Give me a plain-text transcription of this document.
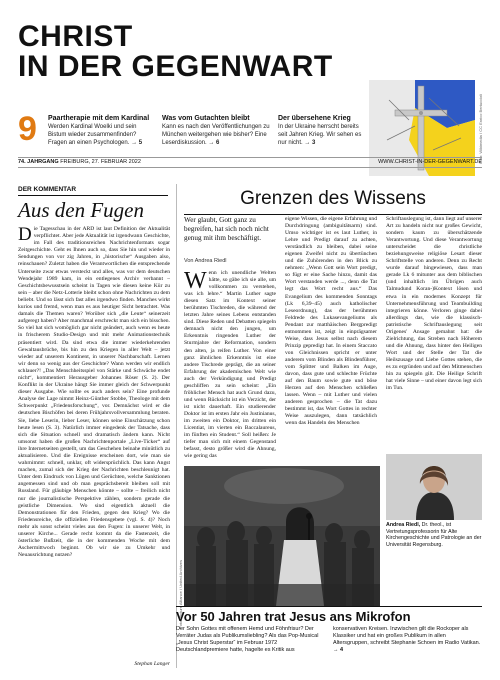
CHRIST
IN DER GEGENWART
Foto: Wikimedia / CC Enrico Bertuccioli
9 Paartherapie mit dem Kardinal
Werden Kardinal Woelki und sein Bistum wieder zusammenfinden? Fragen an einen Psychologen. → 5
Was vom Gutachten bleibt
Kann es nach den Veröffentlichungen zu München weitergehen wie bisher? Eine Leserdiskussion. → 6
Der übersehene Krieg
In der Ukraine herrscht bereits seit Jahren Krieg. Wir sehen es nur nicht. → 3
74. JAHRGANG FREIBURG, 27. FEBRUAR 2022	WWW.CHRIST-IN-DER-GEGENWART.DE
DER KOMMENTAR
Aus den Fugen
D ie Tagesschau in der ARD ist laut Definition der Aktualität verpflichtet. Aber jede Aktualität ist irgendwann Geschichte, im Fall des traditionsreichen Nachrichtenformats sogar Zeitgeschichte. Geht es Ihnen auch so, dass Sie hin und wieder in Sendungen von vor zig Jahren, in „historische“ Ausgaben also, reinschauen? Zuletzt haben die Verantwortlichen die entsprechende Unterseite zwar etwas versteckt und alles, was vor dem deutschen Wendejahr 1989 kam, in ein entlegenes Archiv verbannt – Geschichtsbewusstsein scheint in Tagen wie diesen keine Kür zu sein – aber die Netz-Lotterie bleibt schon ohne Nachrichten zu dem beliebt. Und so lässt sich fast alles irgendwo finden. Manches wirkt kurios und fremd, wenn man es aus heutiger Sicht betrachtet. Was damals die Themen waren? Worüber sich „die Leute“ seinerzeit aufgeregt haben? Aber manchmal erschreckt man sich ein bisschen. So viel hat sich womöglich gar nicht geändert, auch wenn es heute in frischerem Studio-Design und mit mehr Animationstechnik präsentiert wird. Da sind etwa die immer wiederkehrenden Gewaltausbrüche, bis hin zu den Kriegen in aller Welt – jetzt wieder auf unserem Kontinent, in unserer Nachbarschaft. Lernen wir denn so wenig aus der Geschichte? Wann werden wir endlich schlauer?! „Das Menschheitsspiel von Stärke und Schwäche endet nicht“, kommentiert Herausgeber Johannes Röser (S. 2). Der Konflikt in der Ukraine hängt Sie immer gleich der Schwerpunkt dieser Ausgabe. Wie sollte es auch anders sein? Eine profunde Analyse der Lage nimmt Heinz-Günther Stobbe, Theologe mit dem Schwerpunkt „Friedensforschung“, vor. Demnächst wird er die deutschen Bischöfen bei deren Frühjahrsvollversammlung beraten. Sie, liebe Leserin, lieber Leser, können seine Einschätzung schon heute lesen (S. 3). Natürlich immer eingedenk der Tatsache, dass sich die Situation schnell und dramatisch ändern kann. Nicht umsonst haben die großen Nachrichtenportale „Live-Ticker“ auf ihre Internetseiten gestellt, um das Geschehen beinahe minütlich zu aktualisieren. Und die Ereignisse erscheinen dort, wie man sie wahrnimmt: schnell, unklar, oft widersprüchlich. Das kann Angst machen, zumal sich der Krieg der Nachrichten beschleunigt hat. Unter dem Eindruck von Lügen und Gerüchten, welche Sanktionen angemessen sind und ob man gesprächsbereit bleiben soll mit Russland. Für gläubige Menschen könnte – sollte – freilich nicht nur die journalistische Perspektive zählen, sondern gerade die geistliche Dimension. Wo sind eigentlich aktuell die Demonstrationen für den Frieden, gegen den Krieg? Wo die Friedensreiche, die offiziellen Friedensgebete (vgl. S. 4)? Noch mehr als sonst scheint vieles aus den Fugen: in unserer Welt, in unserer Kirche... Gerade recht kommt da die Fastenzeit, die österliche Bußzeit, die in der kommenden Woche mit dem Aschermittwoch beginnt. Ob wir sie zu Umkehr und Neuausrichtung nutzen?
Stephan Langer
Grenzen des Wissens
Wer glaubt, Gott ganz zu begreifen, hat sich noch nicht genug mit ihm beschäftigt.
Von Andrea Riedl
W enn ich unendliche Welten hätte, so gäbe ich sie alle, um vollkommen zu verstehen, was ich lehre.“ Martin Luther sagte diesen Satz im Kontext seiner berühmten Tischreden, die während der letzten Jahre seines Lebens entstanden sind. Diese Reden und Debatten spiegeln demnach nicht den jungen, um Erkenntnis ringenden Luther der Sturmjahre der Reformation, sondern den alten, ja reifen Luther. Von einer ganz ähnlichen Erkenntnis ist eine andere Tischrede geprägt, die an seiner Erfahrung der akademischen Welt wie auch der Verkündigung und Predigt geschliffen zu sein scheint: „Ein fröhlicher Mensch hat auch Grund dazu, und wenn Rücksicht ist ein Verzicht, der ist nicht dauerhaft. Ein studierender Doktor ist im ersten Jahr ein Justinianus, im zweiten ein Doktor, im dritten ein Licentiat, im vierten ein Baccalaureus, im fünften ein Student.“ Soll heißen: Je tiefer man sich mit einem Gegenstand befasst, desto größer wird die Ahnung, wie gering das
eigene Wissen, die eigene Erfahrung und Durchdringung (ambiguitätsarm) sind. Umso wichtiger ist es laut Luther, in Lehre und Predigt darauf zu achten, verständlich zu bleiben, dabei seine eigenen Zweifel nicht zu übertünchen und die Zuhörenden in den Blick zu nehmen: „Wenn Gott sein Wort predigt, so fügt er eine Sache hinzu, damit das Wort verstanden werde ..., denn die Tat legt das Wort recht aus.“ Das Evangelium des kommenden Sonntags (Lk 6,39–45) auch katholischer Leseordnung), das der berühmten Feldrede des Lukasevangeliums als Pendant zur matthäischen Bergpredigt entnommen ist, zeigt in einprägsamer Weise, dass Jesus selbst nach diesem Prinzip gepredigt hat. In einem Staccato von Gleichnissen spricht er unter anderem vom Blinden als Blindenführer, vom Splitter und Balken im Auge, davon, dass gute und schlechte Früchte auf den Baum sowie gute und böse Herzen auf den Menschen schließen lassen. Wenn – mit Luther und vielen anderen gesprochen – die Tat dazu bestimmt ist, das Wort Gottes in rechter Weise auszulegen, dann tatsächlich wenn das Handeln des Menschen
Schriftauslegung ist, dann liegt auf unserer Art zu handeln nicht nur großes Gewicht, sondern kaum zu überschätzende Verantwortung. Und diese Verantwortung unterscheidet die christliche beziehungsweise religiöse Lesart dieser Schriftstelle von anderen. Denn zu Recht wurde darauf hingewiesen, dass man gerade Lk 6 mitunter aus dem biblischen (und inhaltlich im Übrigen auch Talmudund Koran-)Kontext lösen und etwa in ein modernes Konzept für Unternehmensführung und Teambuilding integrieren könne. Verloren ginge dabei allerdings das, wie die klassisch-patristische Schriftauslegung seit Origenes' Ansage gemahnt hat: die Zielrichtung, das Streben nach Höherem und die Ahnung, dass hinter den Heiligen Wort und der Stelle der Tat die Heilszusage und Liebe Gottes stehen, die es zu ergründen und auf den Mitmenschen hin zu spiegeln gilt. Die Heilige Schrift hat viele Sinne – und einer davon legt sich im Tun.
Andrea Riedl, Dr. theol., ist Vertretungsprofessorin für Alte Kirchengeschichte und Patrologie an der Universität Regensburg.
Foto: Picture Alliance / United Archives
Vor 50 Jahren trat Jesus ans Mikrofon
Der Sohn Gottes mit offenem Hemd und Föhnfrisur? Der Verräter Judas als Publikumsliebling? Als das Pop-Musical „Jesus Christ Superstar“ im Februar 1972 Deutschlandpremiere hatte, hagelte es Kritik aus konservativen Kreisen. Inzwischen gilt die Rockoper als Klassiker und hat ein großes Publikum in allen Altersgruppen, schreibt Stephanie Schoen im Radio Vatikan. → 4
